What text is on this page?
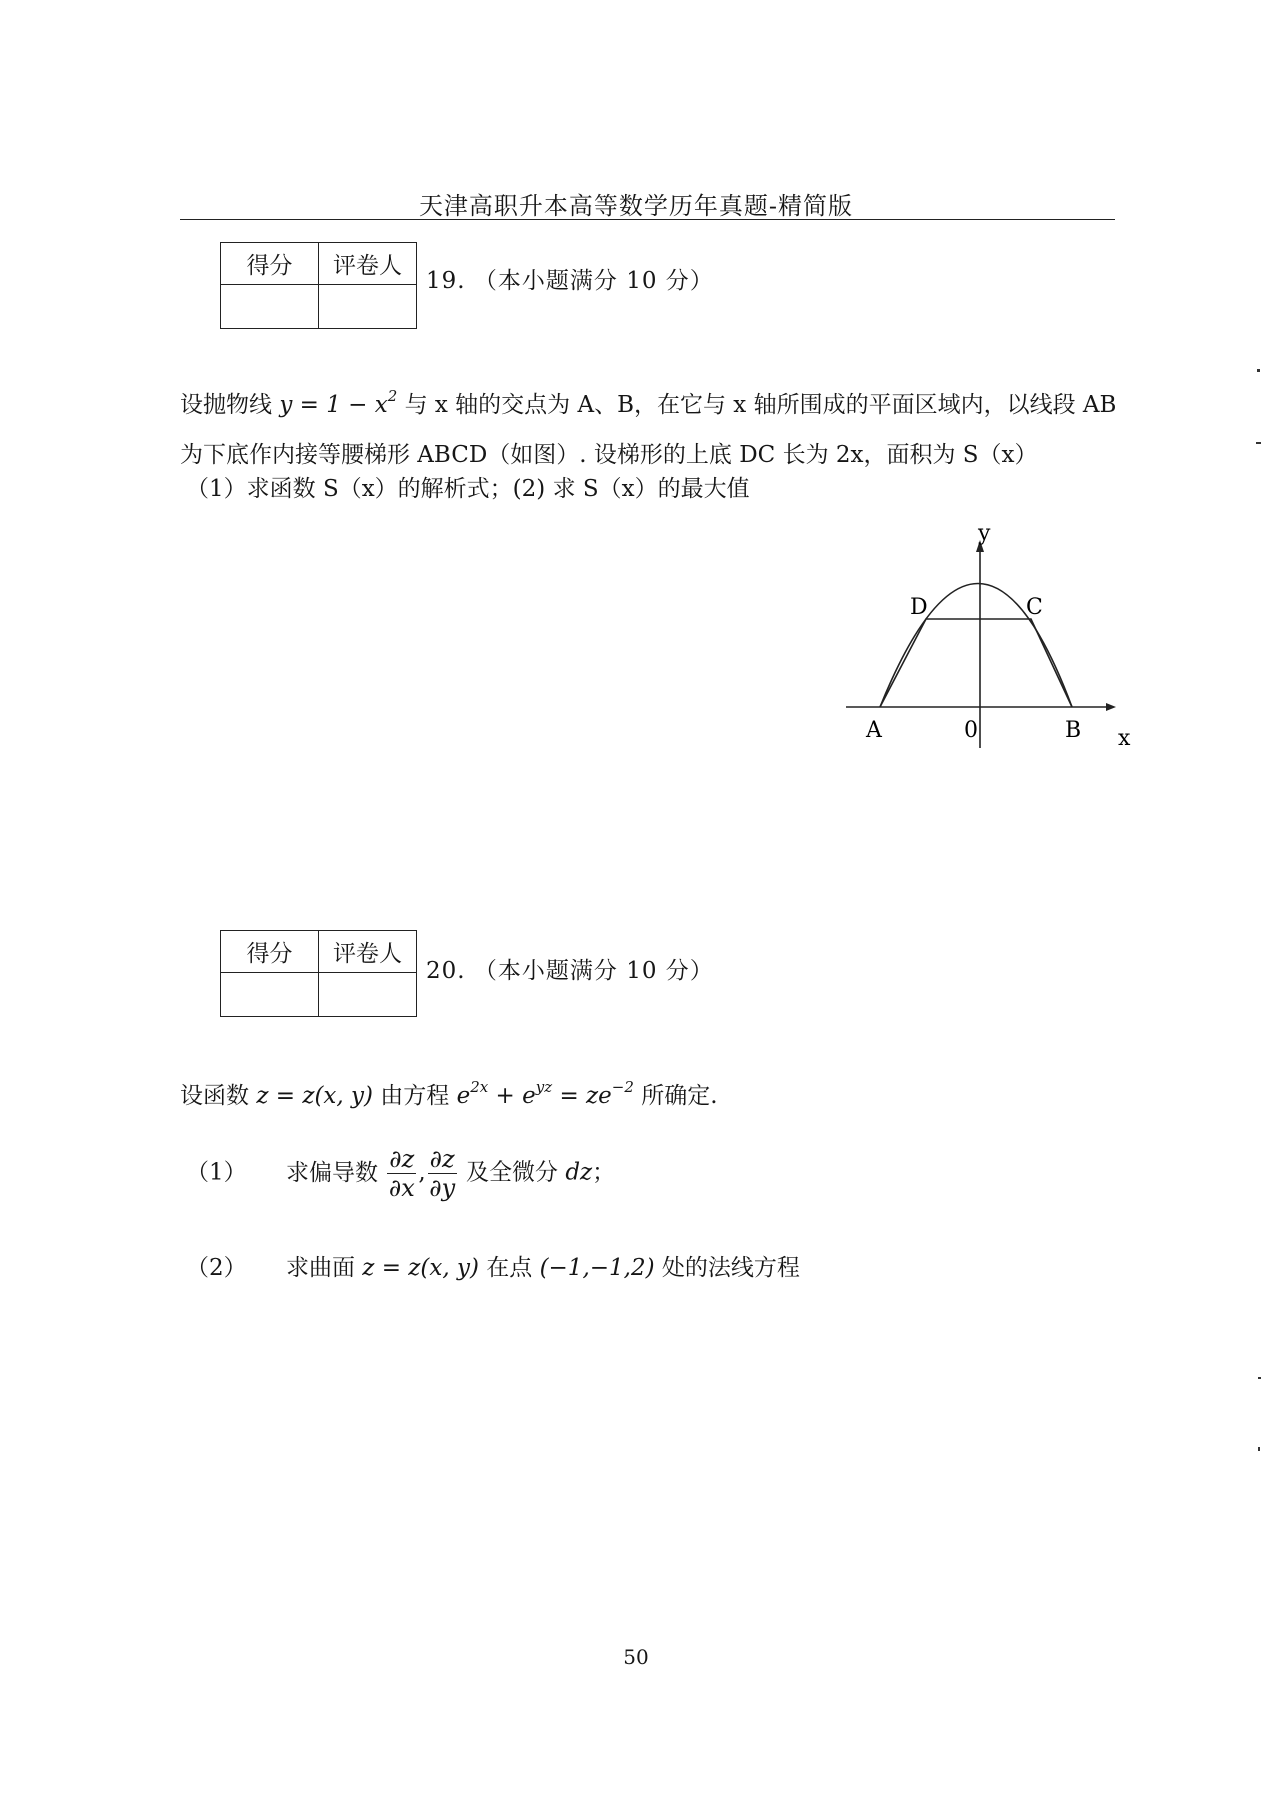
天津高职升本高等数学历年真题-精简版
得分	评卷人

19. （本小题满分 10 分）
设抛物线 $y = 1 - x^2$ 与 x 轴的交点为 A、B，在它与 x 轴所围成的平面区域内，以线段 AB
为下底作内接等腰梯形 ABCD（如图）. 设梯形的上底 DC 长为 2x，面积为 S（x）
（1）求函数 S（x）的解析式；(2) 求 S（x）的最大值
y
x
A	B
C
D
0
得分	评卷人

20. （本小题满分 10 分）
设函数 z = z(x, y) 由方程 $e^{2x} + e^{yz} = ze^{-2}$ 所确定.
（1） 求偏导数 $\frac{\partial z}{\partial x}$ , $\frac{\partial z}{\partial y}$ 及全微分 dz；
（2） 求曲面 z = z(x, y) 在点 (−1,−1,2) 处的法线方程
50
